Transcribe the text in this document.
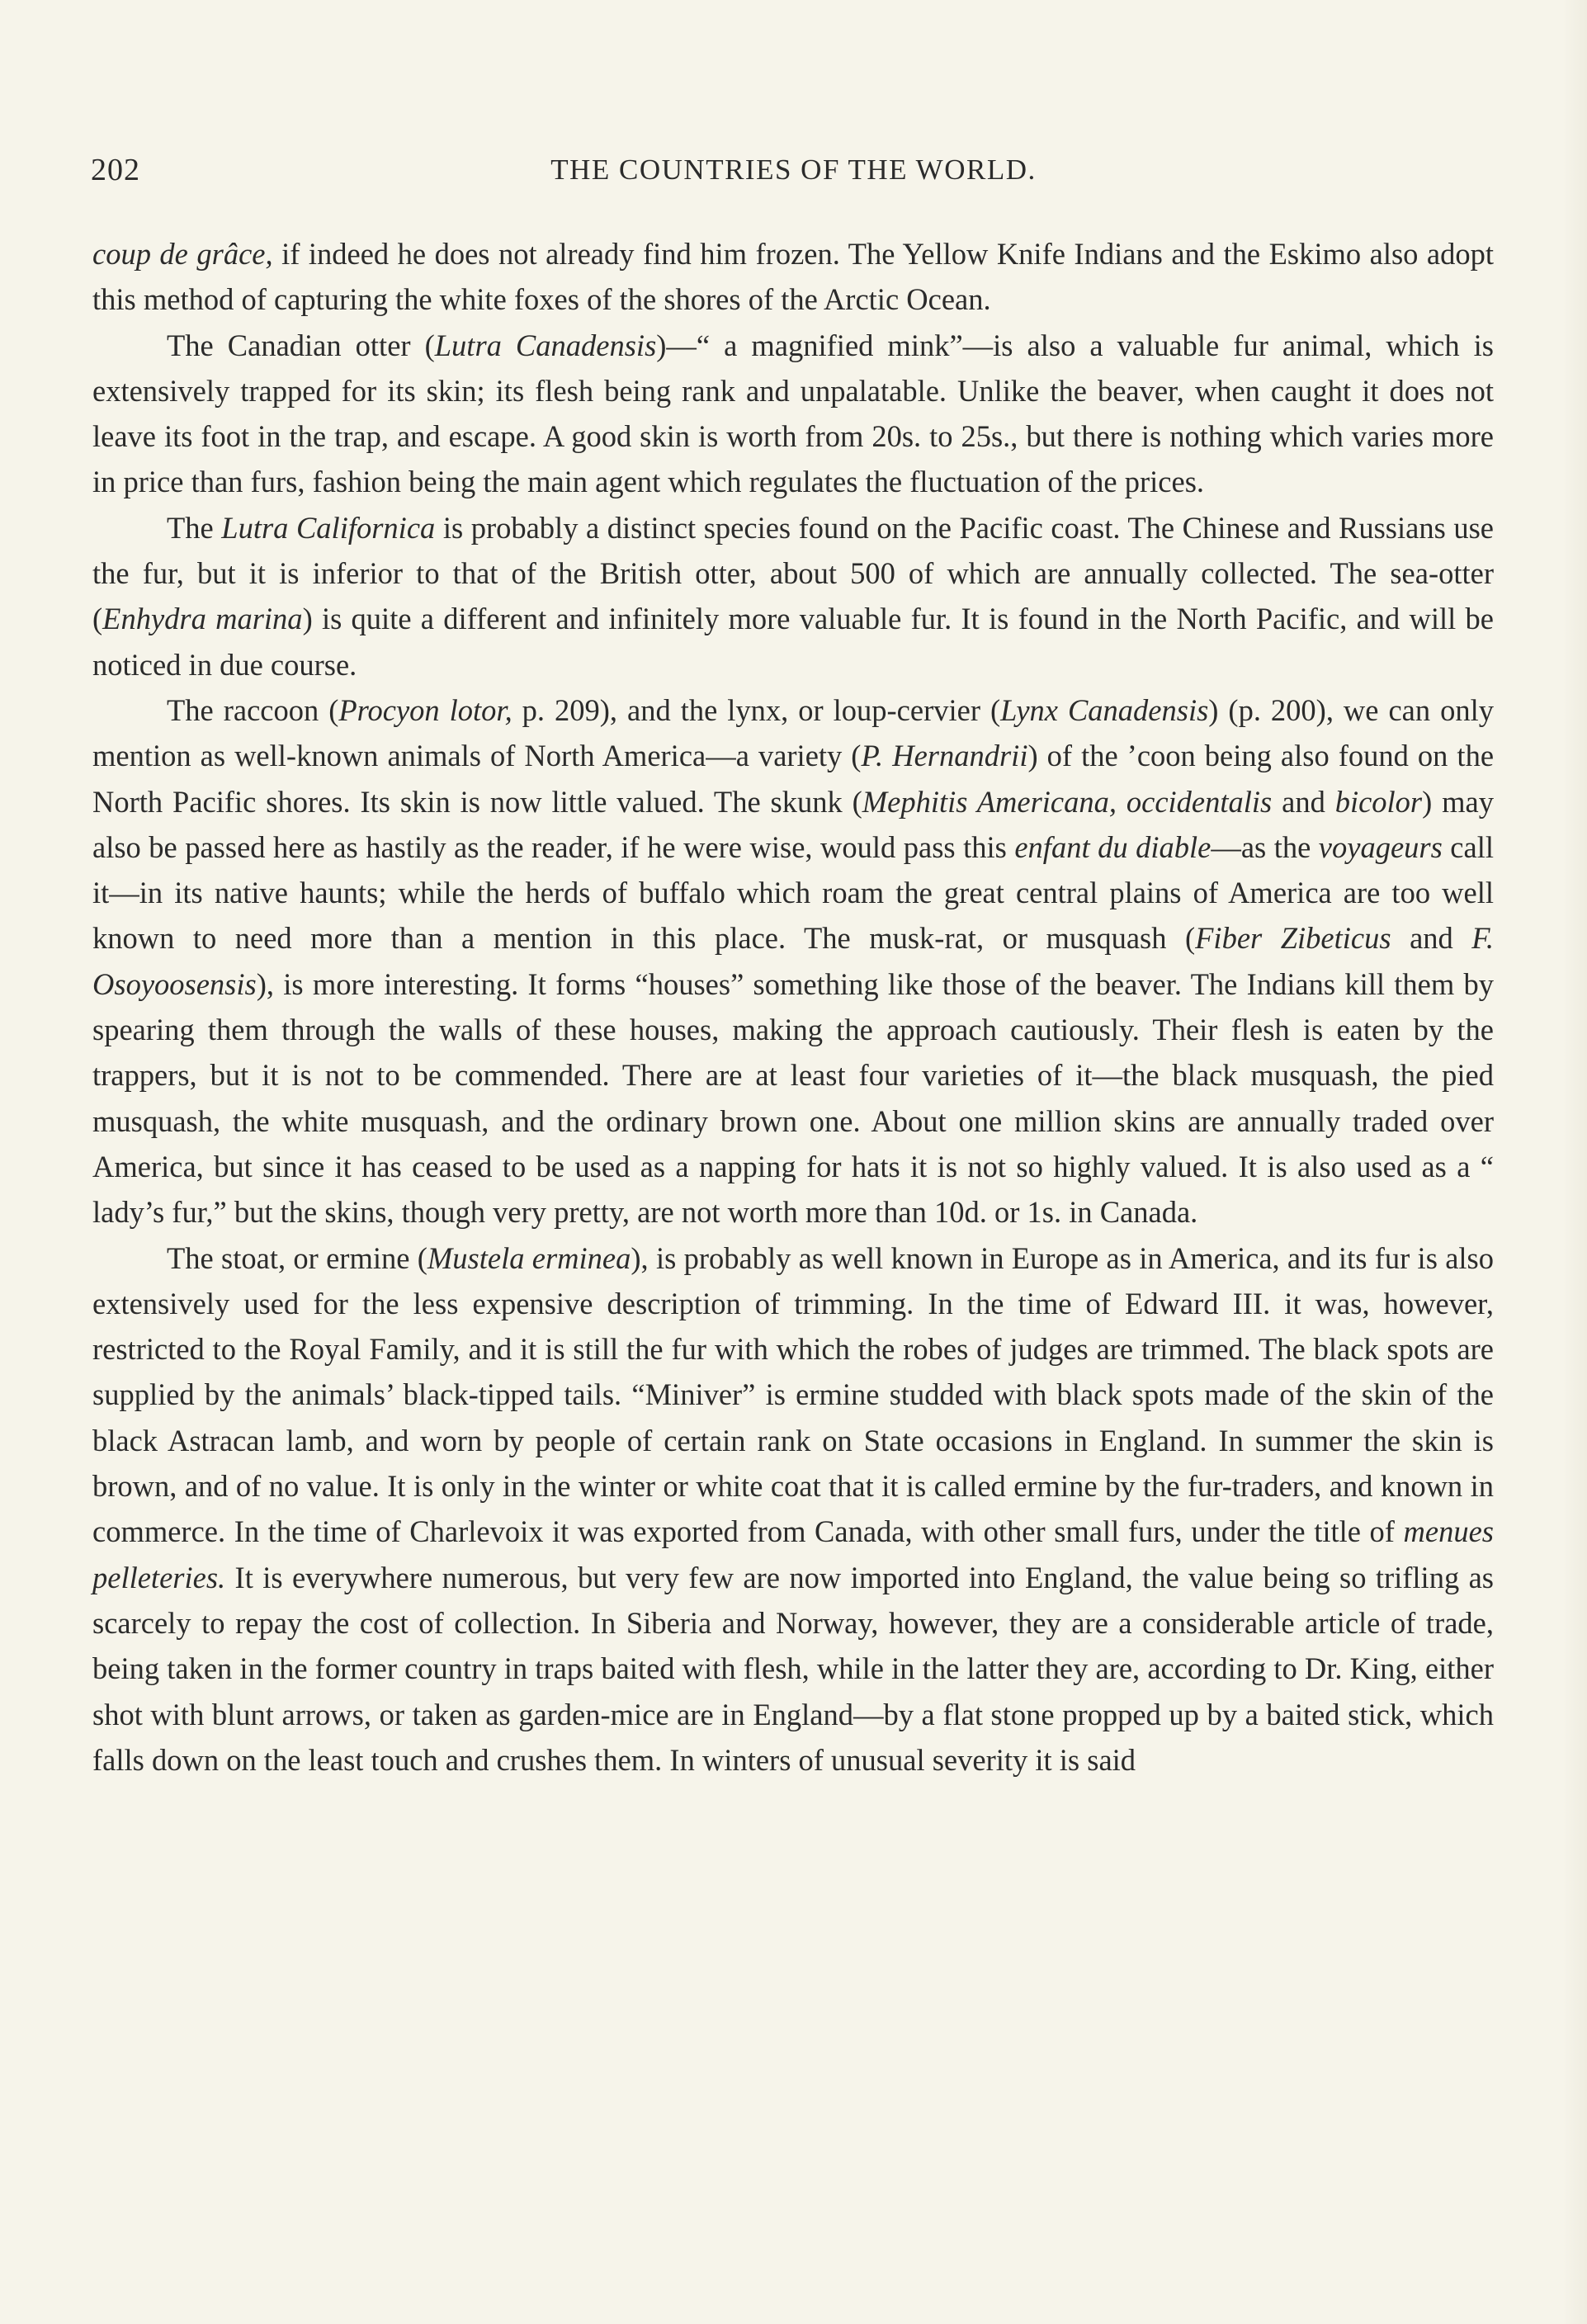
202	THE COUNTRIES OF THE WORLD.

coup de grâce, if indeed he does not already find him frozen. The Yellow Knife Indians and the Eskimo also adopt this method of capturing the white foxes of the shores of the Arctic Ocean.

The Canadian otter (Lutra Canadensis)—“ a magnified mink”—is also a valuable fur animal, which is extensively trapped for its skin; its flesh being rank and unpalatable. Unlike the beaver, when caught it does not leave its foot in the trap, and escape. A good skin is worth from 20s. to 25s., but there is nothing which varies more in price than furs, fashion being the main agent which regulates the fluctuation of the prices.

The Lutra Californica is probably a distinct species found on the Pacific coast. The Chinese and Russians use the fur, but it is inferior to that of the British otter, about 500 of which are annually collected. The sea-otter (Enhydra marina) is quite a different and infinitely more valuable fur. It is found in the North Pacific, and will be noticed in due course.

The raccoon (Procyon lotor, p. 209), and the lynx, or loup-cervier (Lynx Canadensis) (p. 200), we can only mention as well-known animals of North America—a variety (P. Hernandrii) of the ’coon being also found on the North Pacific shores. Its skin is now little valued. The skunk (Mephitis Americana, occidentalis and bicolor) may also be passed here as hastily as the reader, if he were wise, would pass this enfant du diable—as the voyageurs call it—in its native haunts; while the herds of buffalo which roam the great central plains of America are too well known to need more than a mention in this place. The musk-rat, or musquash (Fiber Zibeticus and F. Osoyoosensis), is more interesting. It forms “houses” something like those of the beaver. The Indians kill them by spearing them through the walls of these houses, making the approach cautiously. Their flesh is eaten by the trappers, but it is not to be commended. There are at least four varieties of it—the black musquash, the pied musquash, the white musquash, and the ordinary brown one. About one million skins are annually traded over America, but since it has ceased to be used as a napping for hats it is not so highly valued. It is also used as a “ lady’s fur,” but the skins, though very pretty, are not worth more than 10d. or 1s. in Canada.

The stoat, or ermine (Mustela erminea), is probably as well known in Europe as in America, and its fur is also extensively used for the less expensive description of trimming. In the time of Edward III. it was, however, restricted to the Royal Family, and it is still the fur with which the robes of judges are trimmed. The black spots are supplied by the animals’ black-tipped tails. “Miniver” is ermine studded with black spots made of the skin of the black Astracan lamb, and worn by people of certain rank on State occasions in England. In summer the skin is brown, and of no value. It is only in the winter or white coat that it is called ermine by the fur-traders, and known in commerce. In the time of Charlevoix it was exported from Canada, with other small furs, under the title of menues pelleteries. It is everywhere numerous, but very few are now imported into England, the value being so trifling as scarcely to repay the cost of collection. In Siberia and Norway, however, they are a considerable article of trade, being taken in the former country in traps baited with flesh, while in the latter they are, according to Dr. King, either shot with blunt arrows, or taken as garden-mice are in England—by a flat stone propped up by a baited stick, which falls down on the least touch and crushes them. In winters of unusual severity it is said
